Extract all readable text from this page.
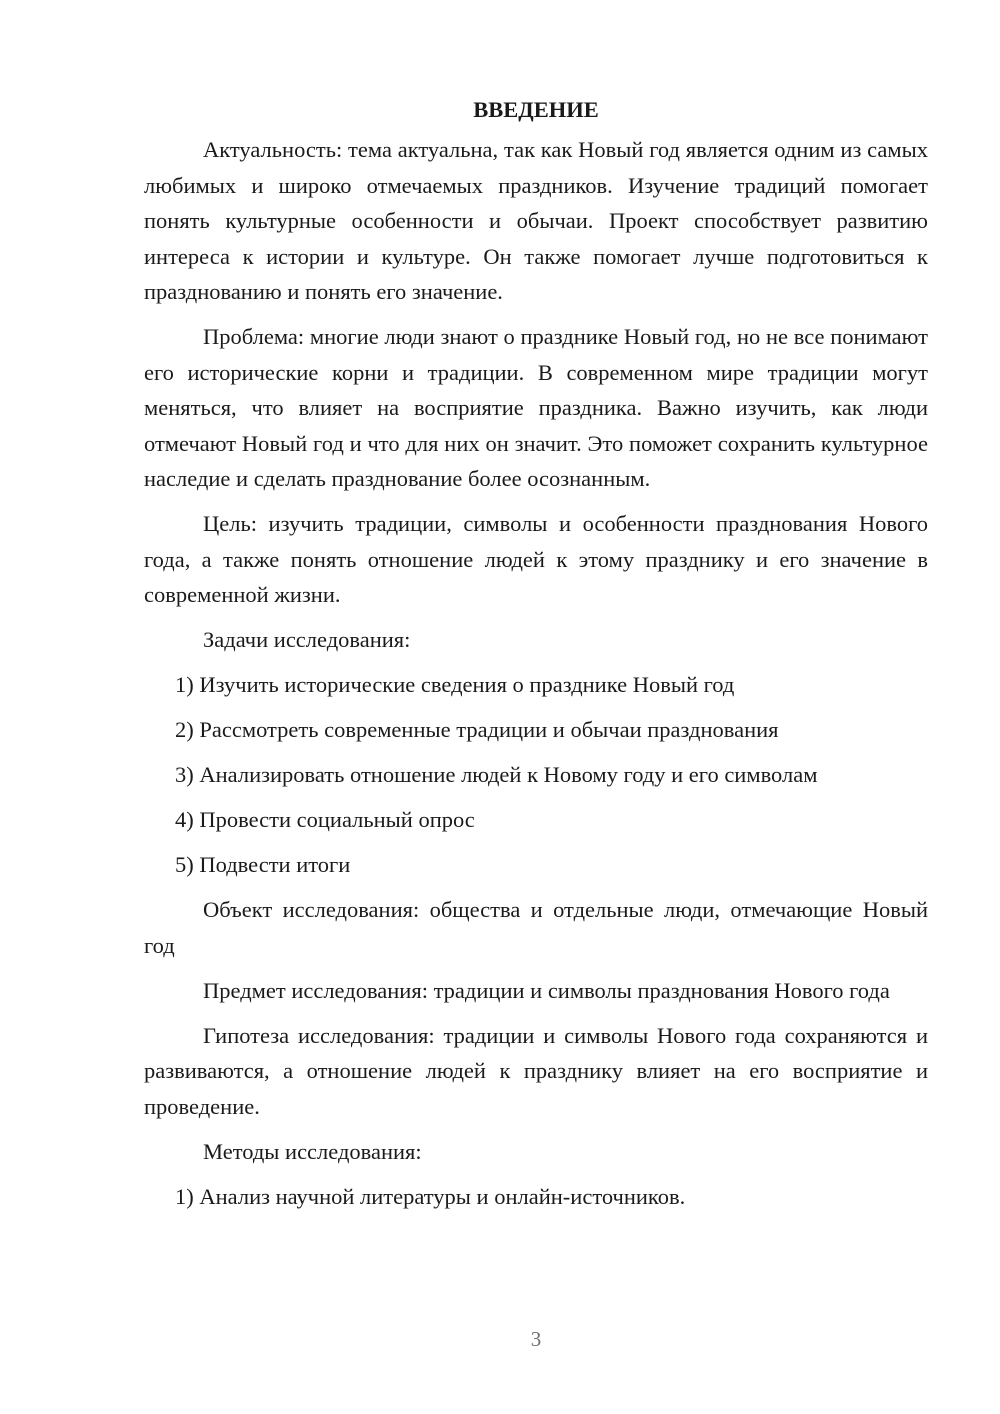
ВВЕДЕНИЕ

Актуальность: тема актуальна, так как Новый год является одним из самых любимых и широко отмечаемых праздников. Изучение традиций помогает понять культурные особенности и обычаи. Проект способствует развитию интереса к истории и культуре. Он также помогает лучше подготовиться к празднованию и понять его значение.

Проблема: многие люди знают о празднике Новый год, но не все понимают его исторические корни и традиции. В современном мире традиции могут меняться, что влияет на восприятие праздника. Важно изучить, как люди отмечают Новый год и что для них он значит. Это поможет сохранить культурное наследие и сделать празднование более осознанным.

Цель: изучить традиции, символы и особенности празднования Нового года, а также понять отношение людей к этому празднику и его значение в современной жизни.

Задачи исследования:

1) Изучить исторические сведения о празднике Новый год

2) Рассмотреть современные традиции и обычаи празднования

3) Анализировать отношение людей к Новому году и его символам

4) Провести социальный опрос

5) Подвести итоги

Объект исследования: общества и отдельные люди, отмечающие Новый год

Предмет исследования: традиции и символы празднования Нового года

Гипотеза исследования: традиции и символы Нового года сохраняются и развиваются, а отношение людей к празднику влияет на его восприятие и проведение.

Методы исследования:

1) Анализ научной литературы и онлайн-источников.

3
